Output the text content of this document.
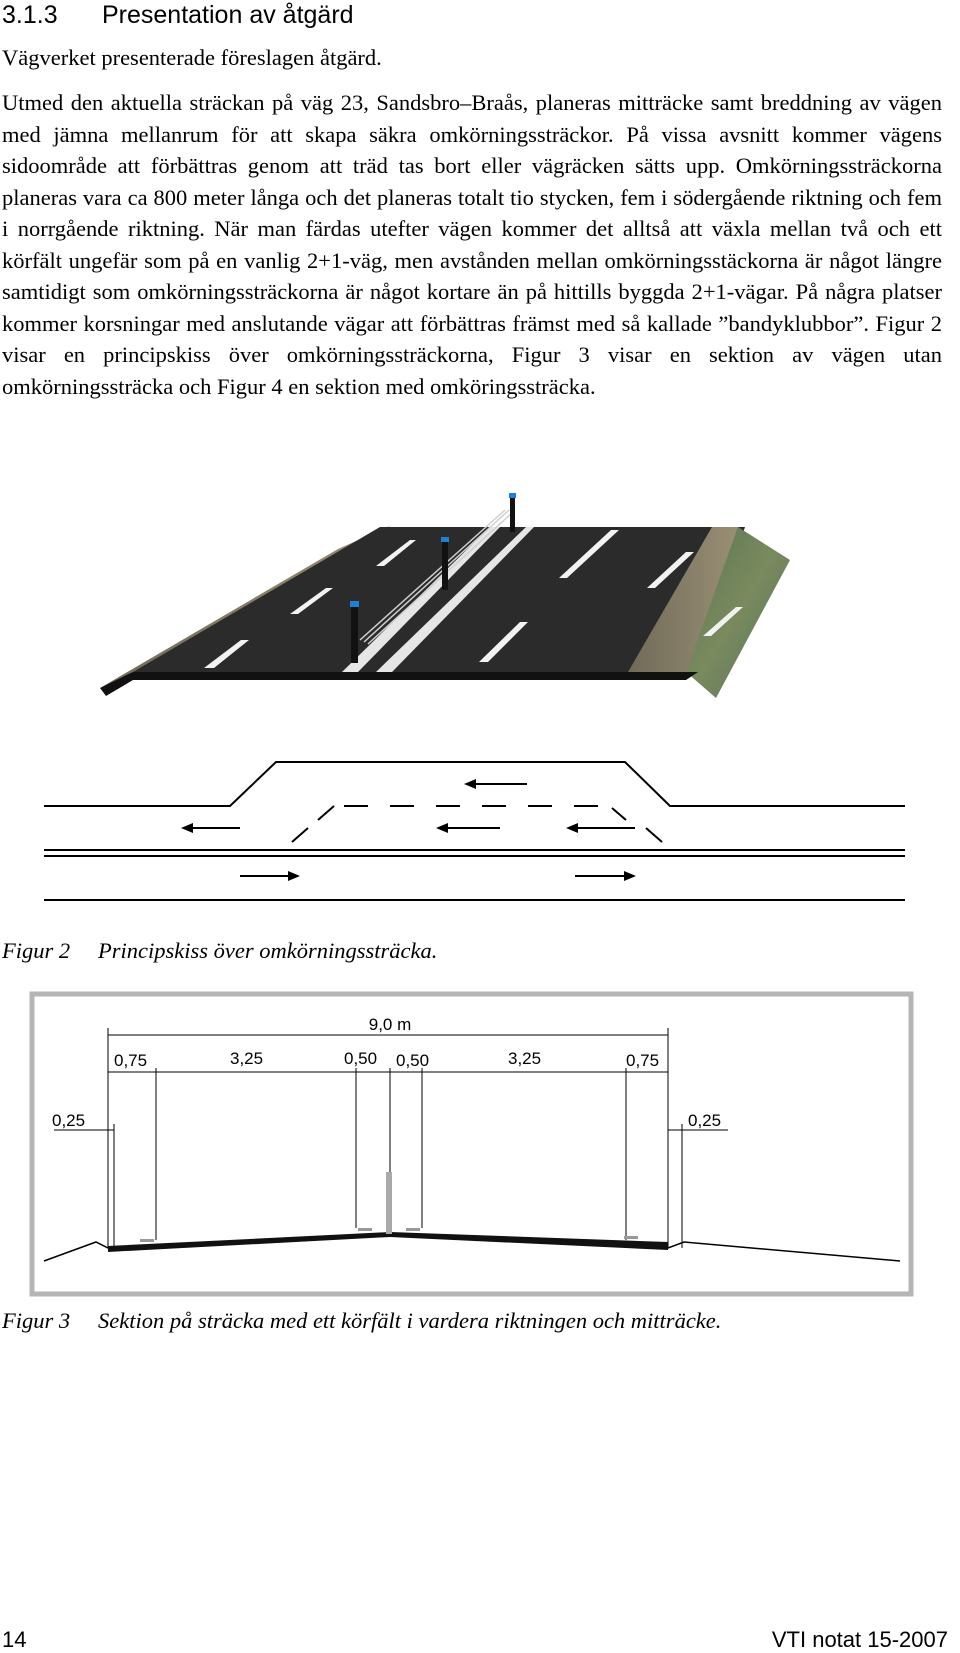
3.1.3 Presentation av åtgärd

Vägverket presenterade föreslagen åtgärd.

Utmed den aktuella sträckan på väg 23, Sandsbro–Braås, planeras mitträcke samt breddning av vägen med jämna mellanrum för att skapa säkra omkörningssträckor. På vissa avsnitt kommer vägens sidoområde att förbättras genom att träd tas bort eller vägräcken sätts upp. Omkörningssträckorna planeras vara ca 800 meter långa och det planeras totalt tio stycken, fem i södergående riktning och fem i norrgående riktning. När man färdas utefter vägen kommer det alltså att växla mellan två och ett körfält ungefär som på en vanlig 2+1-väg, men avstånden mellan omkörningsstäckorna är något längre samtidigt som omkörningssträckorna är något kortare än på hittills byggda 2+1-vägar. På några platser kommer korsningar med anslutande vägar att förbättras främst med så kallade ”bandyklubbor”. Figur 2 visar en principskiss över omkörningssträckorna, Figur 3 visar en sektion av vägen utan omkörningssträcka och Figur 4 en sektion med omköringssträcka.

Figur 2 Principskiss över omkörningssträcka.
9,0 m
0,75	3,25	0,50 0,50	3,25	0,75
0,25	0,25
Figur 3 Sektion på sträcka med ett körfält i vardera riktningen och mitträcke.
14	VTI notat 15-2007
